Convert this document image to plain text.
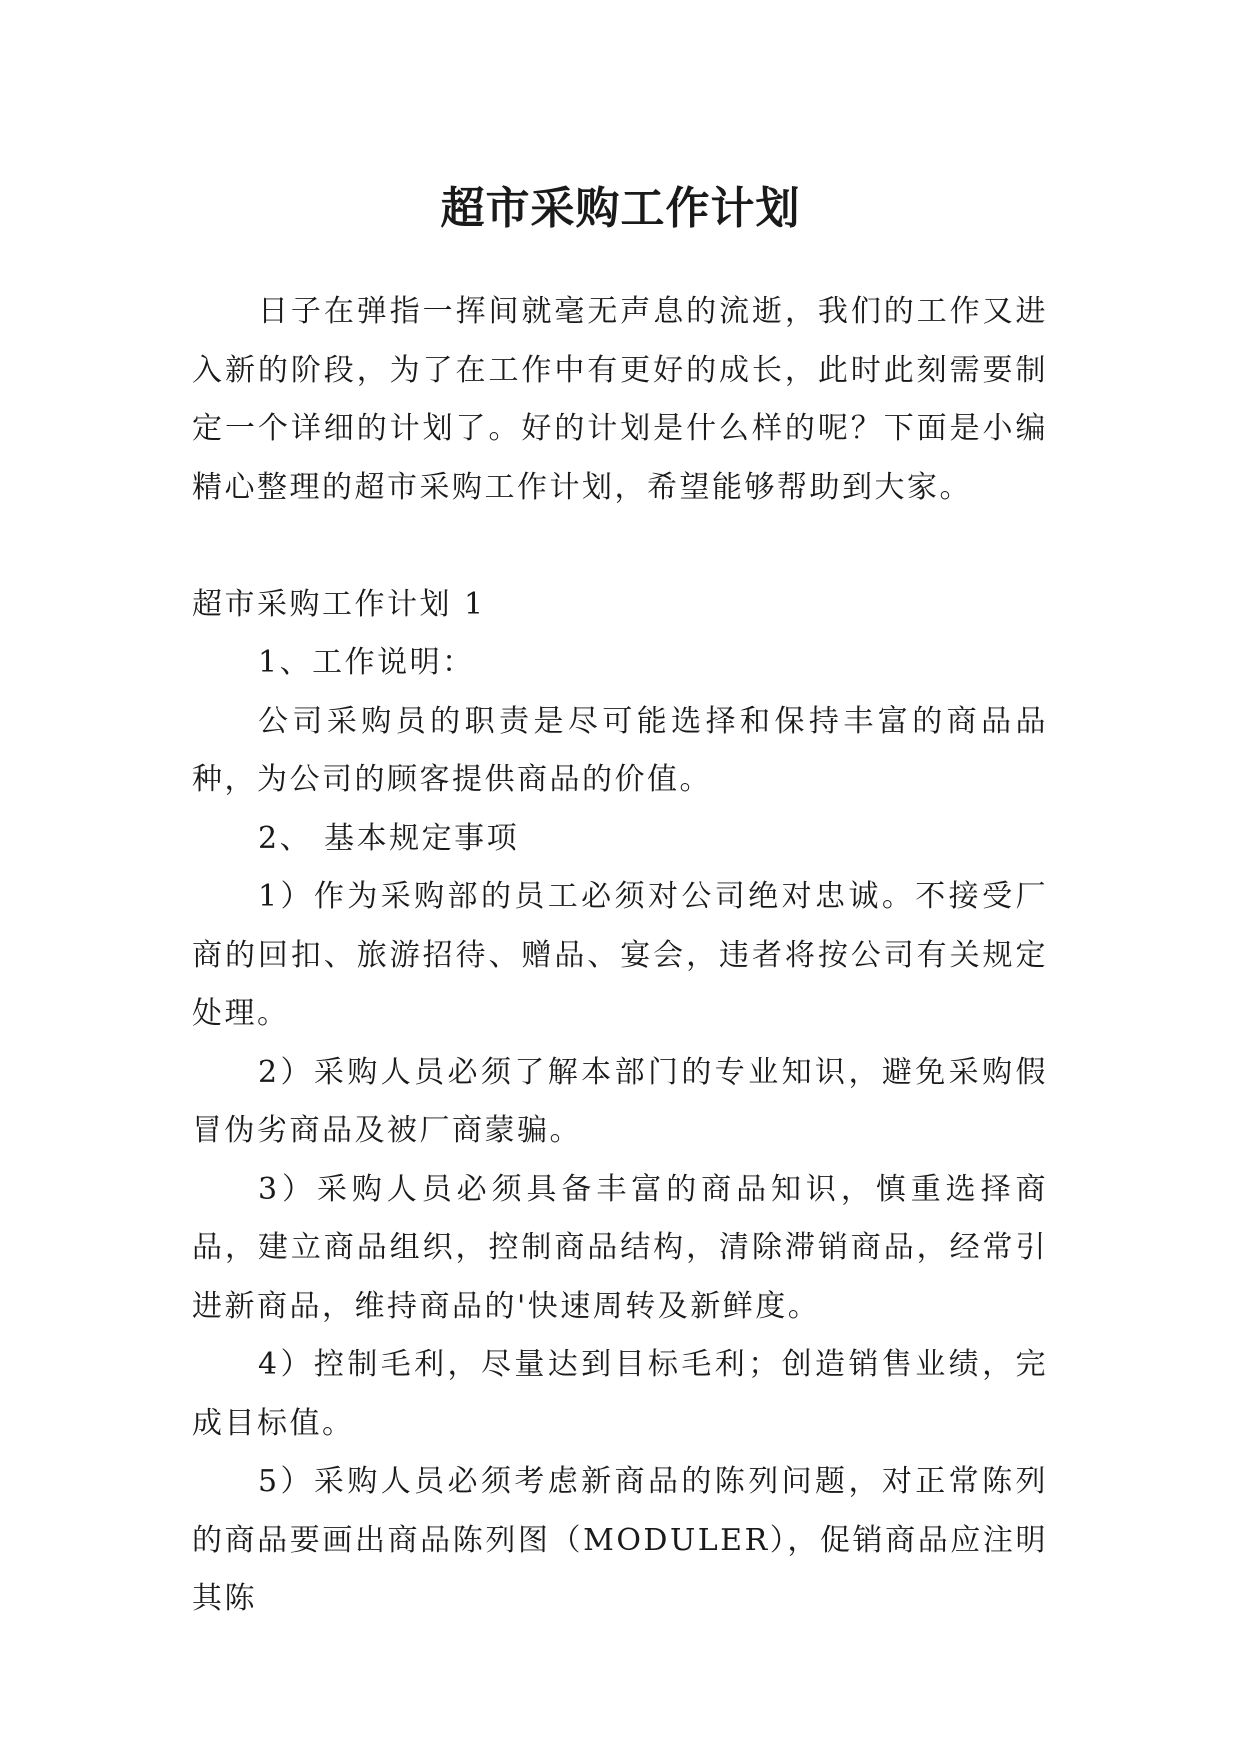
超市采购工作计划

日子在弹指一挥间就毫无声息的流逝，我们的工作又进入新的阶段，为了在工作中有更好的成长，此时此刻需要制定一个详细的计划了。好的计划是什么样的呢？下面是小编精心整理的超市采购工作计划，希望能够帮助到大家。

超市采购工作计划 1

1、工作说明：

公司采购员的职责是尽可能选择和保持丰富的商品品种，为公司的顾客提供商品的价值。

2、 基本规定事项

1）作为采购部的员工必须对公司绝对忠诚。不接受厂商的回扣、旅游招待、赠品、宴会，违者将按公司有关规定处理。

2）采购人员必须了解本部门的专业知识，避免采购假冒伪劣商品及被厂商蒙骗。

3）采购人员必须具备丰富的商品知识，慎重选择商品，建立商品组织，控制商品结构，清除滞销商品，经常引进新商品，维持商品的'快速周转及新鲜度。

4）控制毛利，尽量达到目标毛利；创造销售业绩，完成目标值。

5）采购人员必须考虑新商品的陈列问题，对正常陈列的商品要画出商品陈列图（MODULER），促销商品应注明其陈
